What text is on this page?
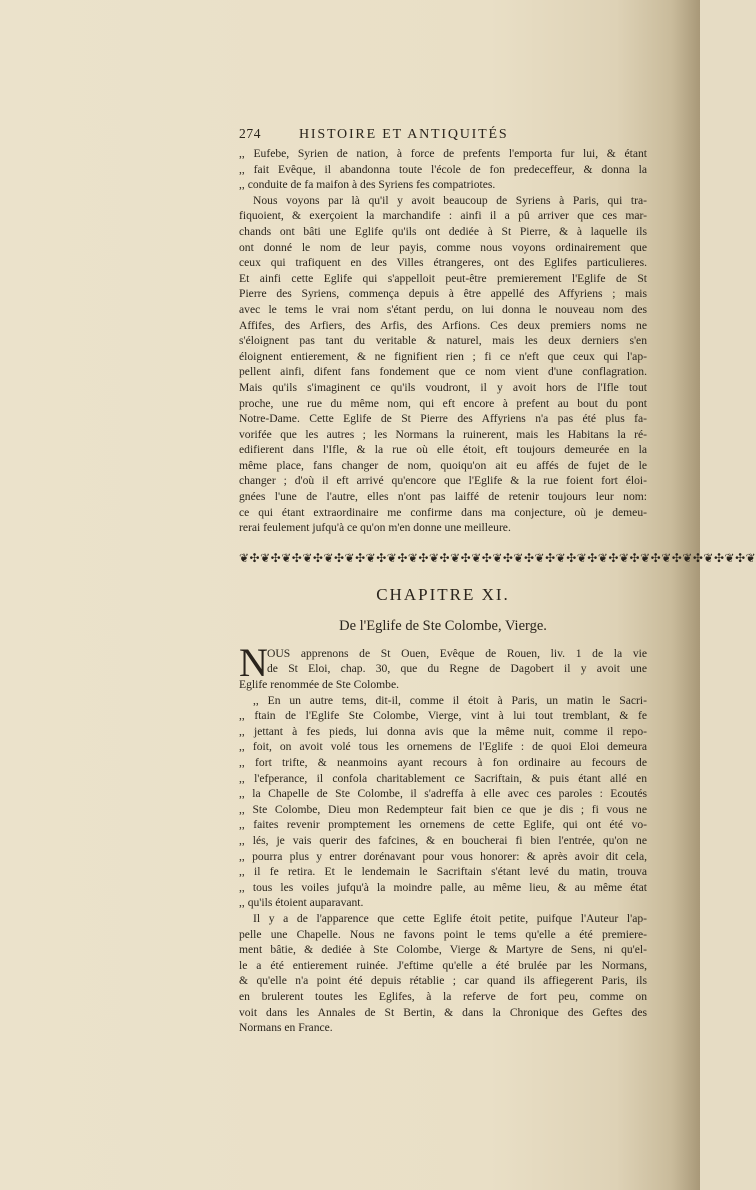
274	HISTOIRE ET ANTIQUITÉS
,, Eufebe, Syrien de nation, à force de prefents l'emporta fur lui, & étant
,, fait Evêque, il abandonna toute l'école de fon predeceffeur, & donna la
,, conduite de fa maifon à des Syriens fes compatriotes.
Nous voyons par là qu'il y avoit beaucoup de Syriens à Paris, qui tra-
fiquoient, & exerçoient la marchandife : ainfi il a pû arriver que ces mar-
chands ont bâti une Eglife qu'ils ont dediée à St Pierre, & à laquelle ils
ont donné le nom de leur payis, comme nous voyons ordinairement que
ceux qui trafiquent en des Villes étrangeres, ont des Eglifes particulieres.
Et ainfi cette Eglife qui s'appelloit peut-être premierement l'Eglife de St
Pierre des Syriens, commença depuis à être appellé des Affyriens ; mais
avec le tems le vrai nom s'étant perdu, on lui donna le nouveau nom des
Affifes, des Arfiers, des Arfis, des Arfions. Ces deux premiers noms ne
s'éloignent pas tant du veritable & naturel, mais les deux derniers s'en
éloignent entierement, & ne fignifient rien ; fi ce n'eft que ceux qui l'ap-
pellent ainfi, difent fans fondement que ce nom vient d'une conflagration.
Mais qu'ils s'imaginent ce qu'ils voudront, il y avoit hors de l'Ifle tout
proche, une rue du même nom, qui eft encore à prefent au bout du pont
Notre-Dame. Cette Eglife de St Pierre des Affyriens n'a pas été plus fa-
vorifée que les autres ; les Normans la ruinerent, mais les Habitans la ré-
edifierent dans l'Ifle, & la rue où elle étoit, eft toujours demeurée en la
même place, fans changer de nom, quoiqu'on ait eu affés de fujet de le
changer ; d'où il eft arrivé qu'encore que l'Eglife & la rue foient fort éloi-
gnées l'une de l'autre, elles n'ont pas laiffé de retenir toujours leur nom:
ce qui étant extraordinaire me confirme dans ma conjecture, où je demeu-
rerai feulement jufqu'à ce qu'on m'en donne une meilleure.
❦✣❦✣❦✣❦✣❦✣❦✣❦✣❦✣❦✣❦✣❦✣❦✣❦✣❦✣❦✣❦✣❦✣❦✣❦✣❦✣❦✣❦✣❦✣❦✣❦
CHAPITRE XI.
De l'Eglife de Ste Colombe, Vierge.
N OUS apprenons de St Ouen, Evêque de Rouen, liv. 1 de la vie
de St Eloi, chap. 30, que du Regne de Dagobert il y avoit une
Eglife renommée de Ste Colombe.
,, En un autre tems, dit-il, comme il étoit à Paris, un matin le Sacri-
,, ftain de l'Eglife Ste Colombe, Vierge, vint à lui tout tremblant, & fe
,, jettant à fes pieds, lui donna avis que la même nuit, comme il repo-
,, foit, on avoit volé tous les ornemens de l'Eglife : de quoi Eloi demeura
,, fort trifte, & neanmoins ayant recours à fon ordinaire au fecours de
,, l'efperance, il confola charitablement ce Sacriftain, & puis étant allé en
,, la Chapelle de Ste Colombe, il s'adreffa à elle avec ces paroles : Ecoutés
,, Ste Colombe, Dieu mon Redempteur fait bien ce que je dis ; fi vous ne
,, faites revenir promptement les ornemens de cette Eglife, qui ont été vo-
,, lés, je vais querir des fafcines, & en boucherai fi bien l'entrée, qu'on ne
,, pourra plus y entrer dorénavant pour vous honorer: & après avoir dit cela,
,, il fe retira. Et le lendemain le Sacriftain s'étant levé du matin, trouva
,, tous les voiles jufqu'à la moindre palle, au même lieu, & au même état
,, qu'ils étoient auparavant.
Il y a de l'apparence que cette Eglife étoit petite, puifque l'Auteur l'ap-
pelle une Chapelle. Nous ne favons point le tems qu'elle a été premiere-
ment bâtie, & dediée à Ste Colombe, Vierge & Martyre de Sens, ni qu'el-
le a été entierement ruinée. J'eftime qu'elle a été brulée par les Normans,
& qu'elle n'a point été depuis rétablie ; car quand ils affiegerent Paris, ils
en brulerent toutes les Eglifes, à la referve de fort peu, comme on
voit dans les Annales de St Bertin, & dans la Chronique des Geftes des
Normans en France.
